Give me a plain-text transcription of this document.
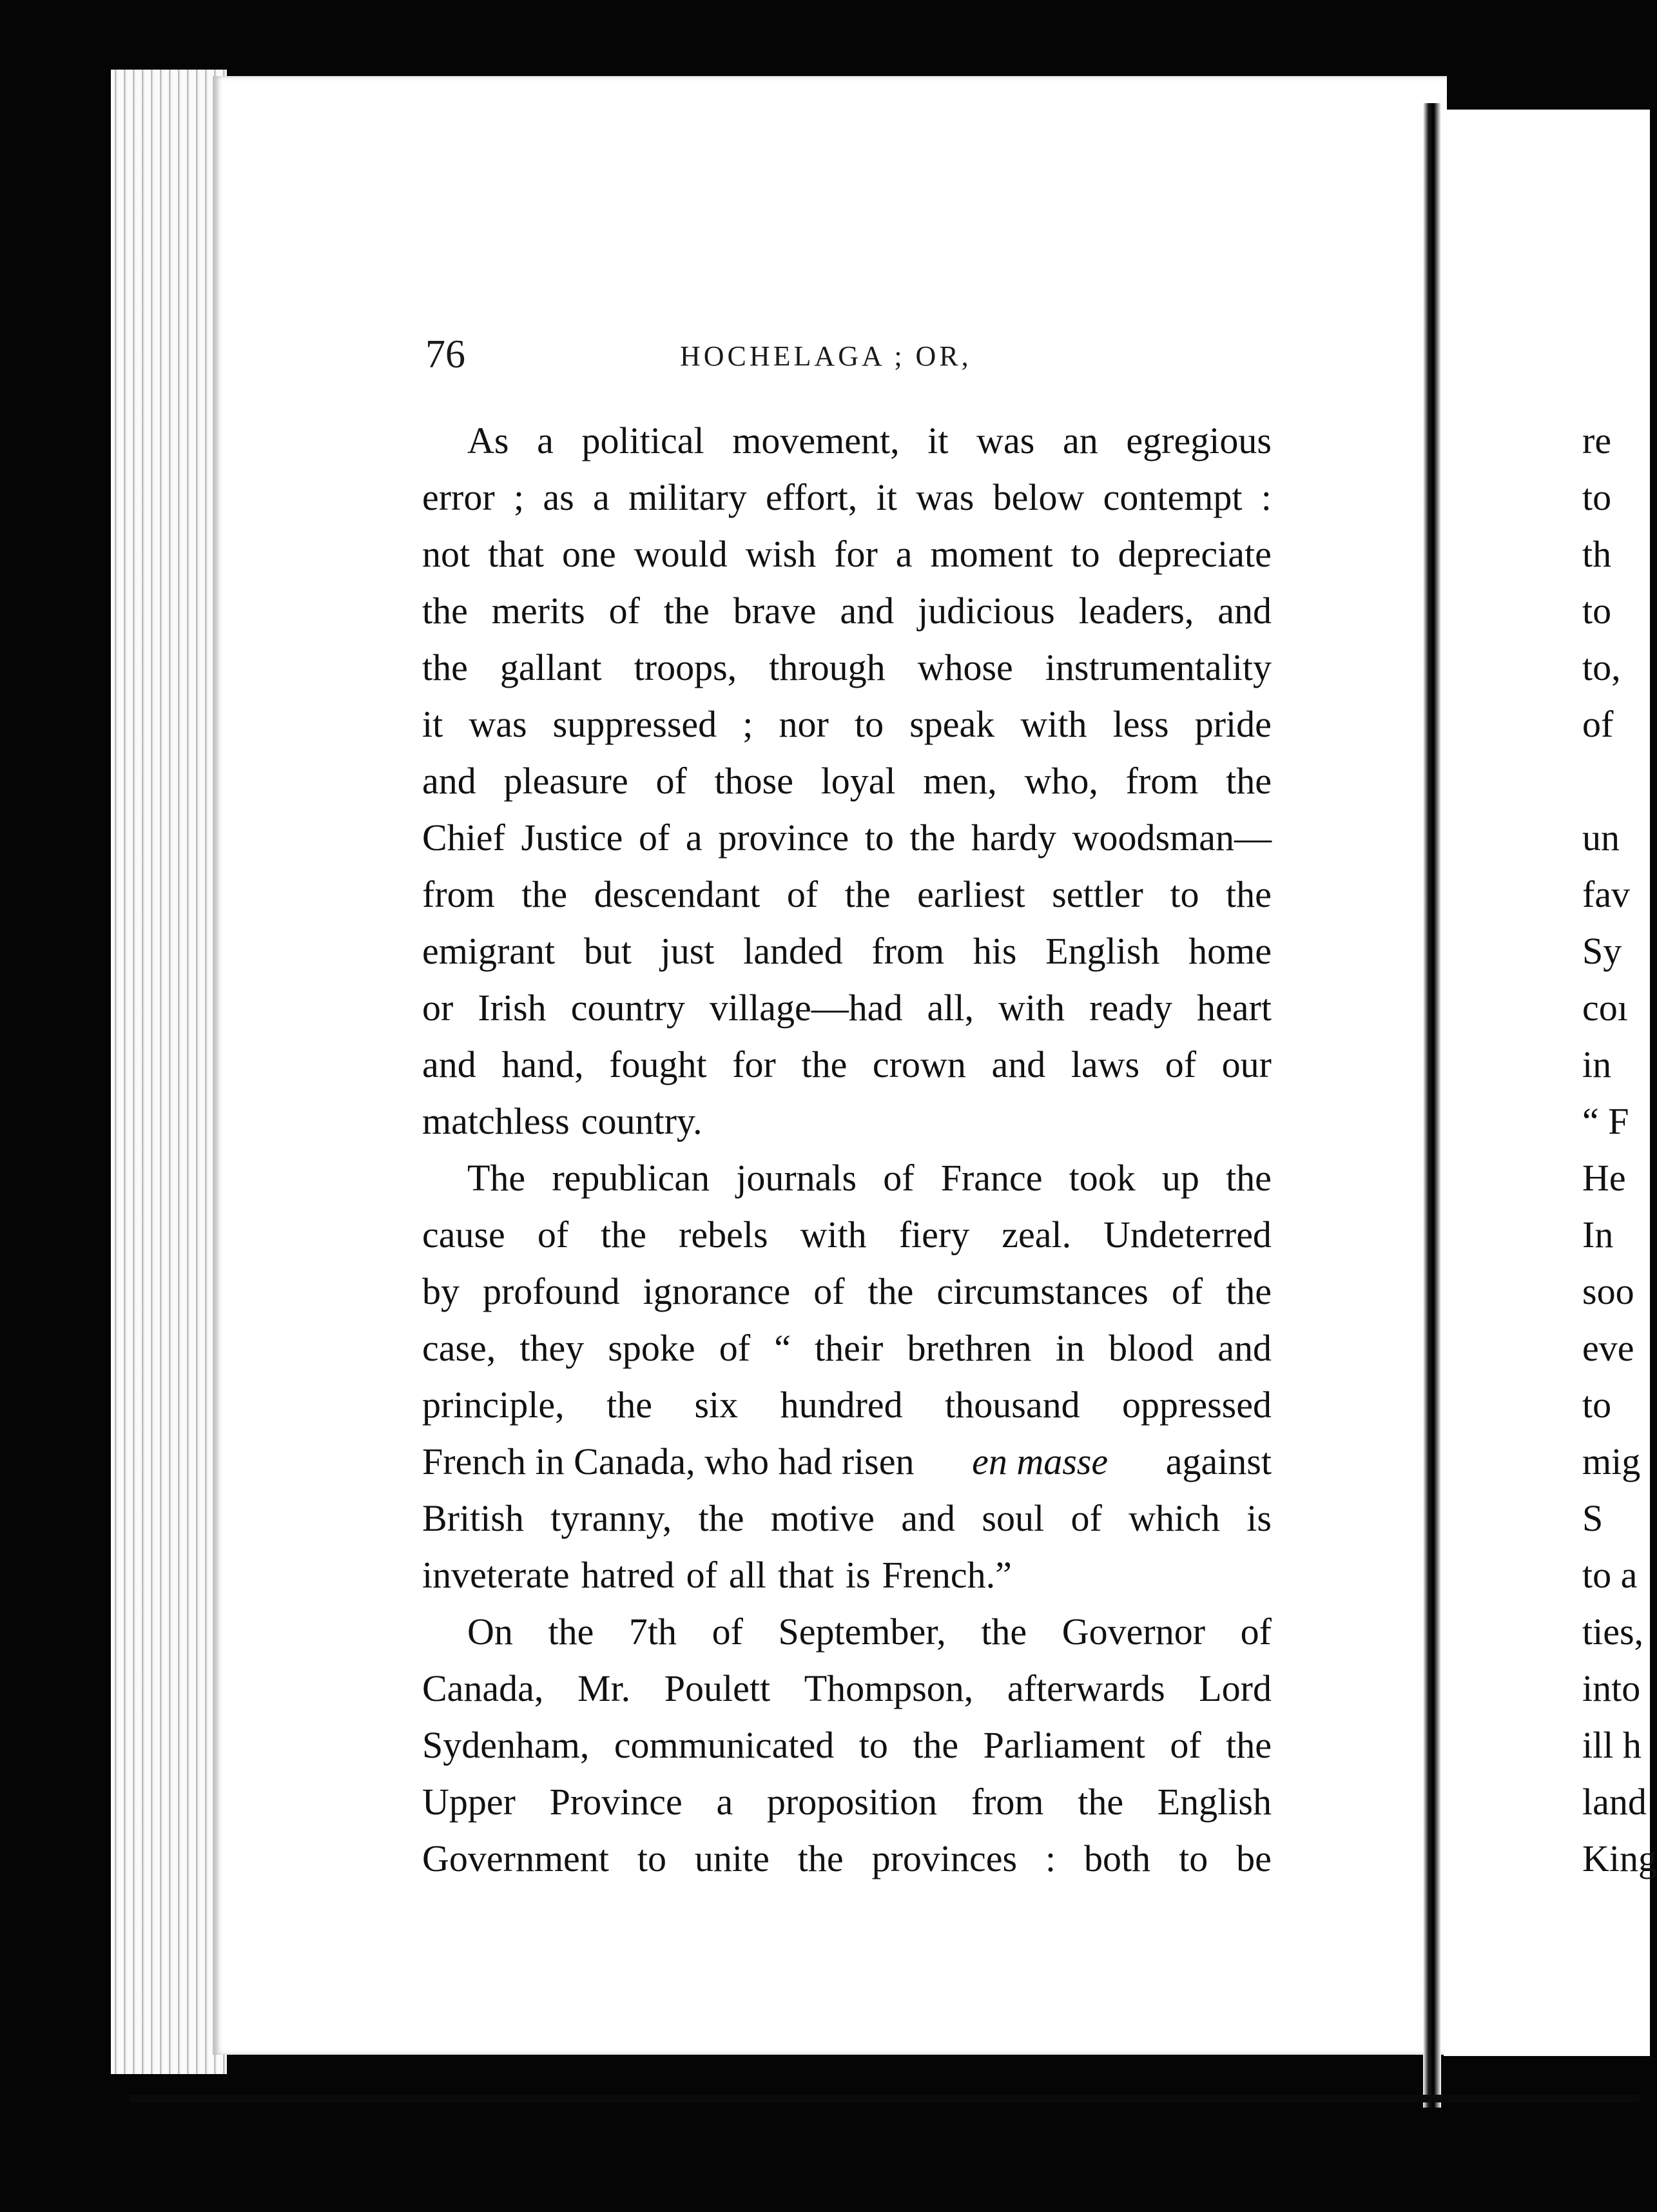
76	HOCHELAGA ; OR,
As a political movement, it was an egregious
error ; as a military effort, it was below contempt :
not that one would wish for a moment to depreciate
the merits of the brave and judicious leaders, and
the gallant troops, through whose instrumentality
it was suppressed ; nor to speak with less pride
and pleasure of those loyal men, who, from the
Chief Justice of a province to the hardy woodsman—
from the descendant of the earliest settler to the
emigrant but just landed from his English home
or Irish country village—had all, with ready heart
and hand, fought for the crown and laws of our
matchless country.
The republican journals of France took up the
cause of the rebels with fiery zeal. Undeterred
by profound ignorance of the circumstances of the
case, they spoke of “ their brethren in blood and
principle, the six hundred thousand oppressed
French in Canada, who had risen en masse against
British tyranny, the motive and soul of which is
inveterate hatred of all that is French.”
On the 7th of September, the Governor of
Canada, Mr. Poulett Thompson, afterwards Lord
Sydenham, communicated to the Parliament of the
Upper Province a proposition from the English
Government to unite the provinces : both to be
re
to
th
to
to,
of
un
fav
Sy
coı
in
“ F
He
In
soo
eve
to
mig
S
to a
ties,
into
ill h
land
King
